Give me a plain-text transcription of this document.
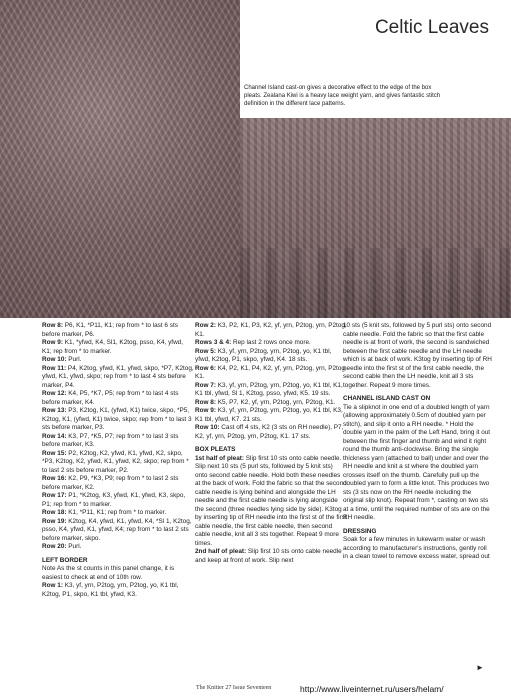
Celtic Leaves
Channel Island cast-on gives a decorative effect to the edge of the box pleats. Zealana Kiwi is a heavy lace weight yarn, and gives fantastic stitch definition in the different lace patterns.

Row 8: P6, K1, *P11, K1; rep from * to last 6 sts before marker, P6.

Row 9: K1, *yfwd, K4, Sl1, K2tog, psso, K4, yfwd, K1; rep from * to marker.

Row 10: Purl.

Row 11: P4, K2tog, yfwd, K1, yfwd, skpo, *P7, K2tog, yfwd, K1, yfwd, skpo; rep from * to last 4 sts before marker, P4.

Row 12: K4, P5, *K7, P5; rep from * to last 4 sts before marker, K4.

Row 13: P3, K2tog, K1, (yfwd, K1) twice, skpo, *P5, K2tog, K1, (yfwd, K1) twice, skpo; rep from * to last 3 sts before marker, P3.

Row 14: K3, P7, *K5, P7; rep from * to last 3 sts before marker, K3.

Row 15: P2, K2tog, K2, yfwd, K1, yfwd, K2, skpo, *P3, K2tog, K2, yfwd, K1, yfwd, K2, skpo; rep from * to last 2 sts before marker, P2.

Row 16: K2, P9, *K3, P9; rep from * to last 2 sts before marker, K2.

Row 17: P1, *K2tog, K3, yfwd, K1, yfwd, K3, skpo, P1; rep from * to marker.

Row 18: K1, *P11, K1; rep from * to marker.

Row 19: K2tog, K4, yfwd, K1, yfwd, K4, *Sl 1, K2tog, psso, K4, yfwd, K1, yfwd, K4; rep from * to last 2 sts before marker, skpo.

Row 20: Purl.

LEFT BORDER

Note As the st counts in this panel change, it is easiest to check at end of 10th row.

Row 1: K3, yf, yrn, P2tog, yrn, P2tog, yo, K1 tbl, K2tog, P1, skpo, K1 tbl, yfwd, K3.

Row 2: K3, P2, K1, P3, K2, yf, yrn, P2tog, yrn, P2tog, K1.

Rows 3 & 4: Rep last 2 rows once more.

Row 5: K3, yf, yrn, P2tog, yrn, P2tog, yo, K1 tbl, yfwd, K2tog, P1, skpo, yfwd, K4. 18 sts.

Row 6: K4, P2, K1, P4, K2, yf, yrn, P2tog, yrn, P2tog, K1.

Row 7: K3, yf, yrn, P2tog, yrn, P2tog, yo, K1 tbl, K1, K1 tbl, yfwd, Sl 1, K2tog, psso, yfwd, K5. 19 sts.

Row 8: K5, P7, K2, yf, yrn, P2tog, yrn, P2tog, K1.

Row 9: K3, yf, yrn, P2tog, yrn, P2tog, yo, K1 tbl, K3, K1 tbl, yfwd, K7. 21 sts.

Row 10: Cast off 4 sts, K2 (3 sts on RH needle), P7, K2, yf, yrn, P2tog, yrn, P2tog, K1. 17 sts.

BOX PLEATS

1st half of pleat: Slip first 10 sts onto cable needle. Slip next 10 sts (5 purl sts, followed by 5 knit sts) onto second cable needle. Hold both these needles at the back of work. Fold the fabric so that the second cable needle is lying behind and alongside the LH needle and the first cable needle is lying alongside the second (three needles lying side by side). K3tog by inserting tip of RH needle into the first st of the first cable needle, the first cable needle, then second cable needle, knit all 3 sts together. Repeat 9 more times.

2nd half of pleat: Slip first 10 sts onto cable needle and keep at front of work. Slip next

10 sts (5 knit sts, followed by 5 purl sts) onto second cable needle. Fold the fabric so that the first cable needle is at front of work, the second is sandwiched between the first cable needle and the LH needle which is at back of work. K3tog by inserting tip of RH needle into the first st of the first cable needle, the second cable then the LH needle, knit all 3 sts together. Repeat 9 more times.

CHANNEL ISLAND CAST ON

Tie a slipknot in one end of a doubled length of yarn (allowing approximately 0.5cm of doubled yarn per stitch), and slip it onto a RH needle. * Hold the double yarn in the palm of the Left Hand, bring it out between the first finger and thumb and wind it right round the thumb anti-clockwise. Bring the single thickness yarn (attached to ball) under and over the RH needle and knit a st where the doubled yarn crosses itself on the thumb. Carefully pull up the doubled yarn to form a little knot. This produces two sts (3 sts now on the RH needle including the original slip knot). Repeat from *, casting on two sts at a time, until the required number of sts are on the RH needle.

DRESSING

Soak for a few minutes in lukewarm water or wash according to manufacturer's instructions, gently roll in a clean towel to remove excess water, spread out

►
The Knitter 27 Issue Seventeen	http://www.liveinternet.ru/users/helam/
